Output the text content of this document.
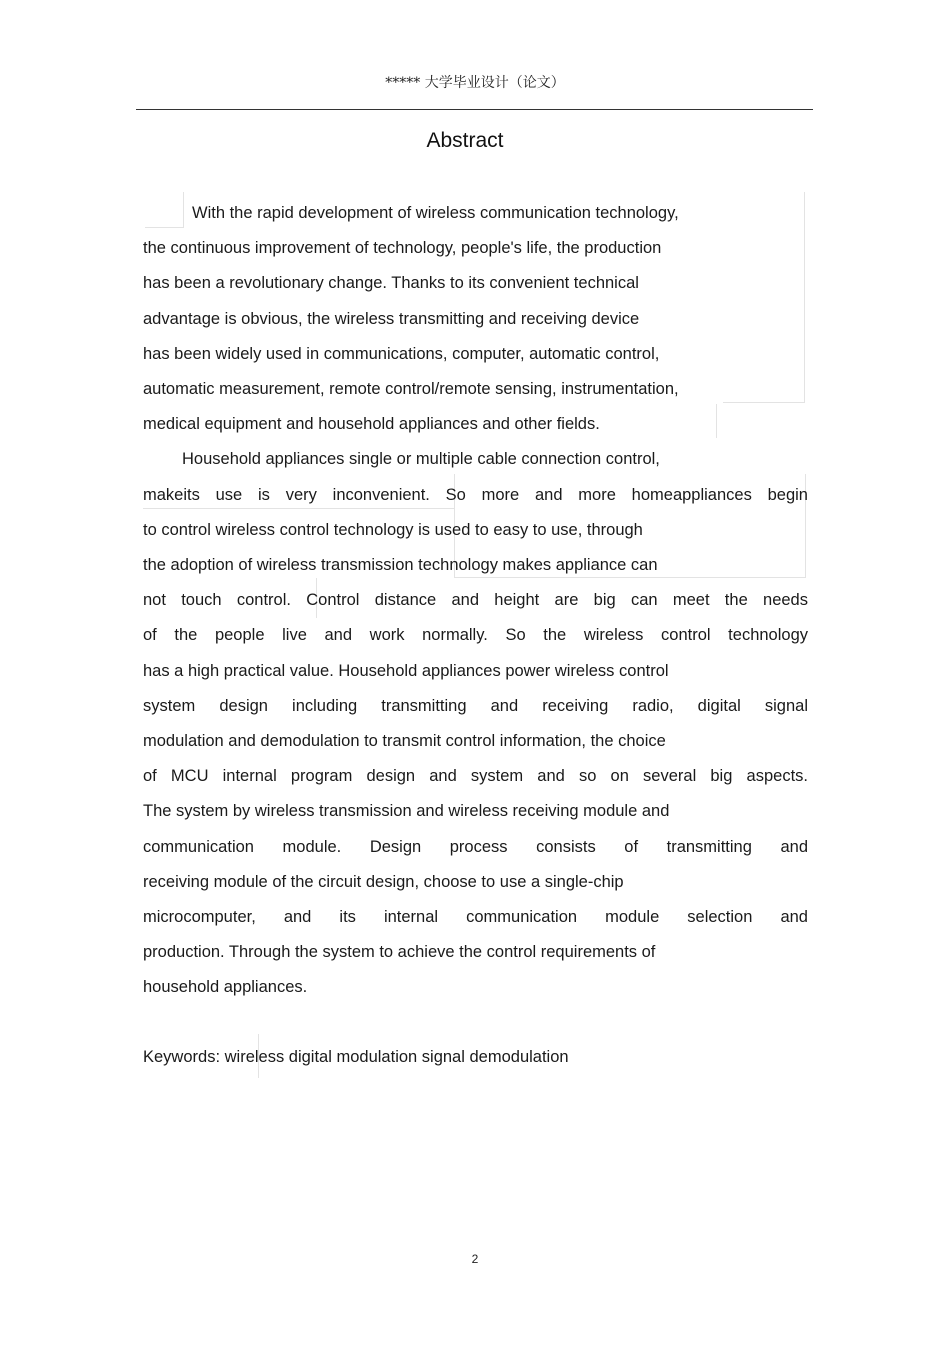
***** 大学毕业设计（论文）
Abstract
With the rapid development of wireless communication technology,
the continuous improvement of technology, people's life, the production
has been a revolutionary change. Thanks to its convenient technical
advantage is obvious, the wireless transmitting and receiving device
has been widely used in communications, computer, automatic control,
automatic measurement, remote control/remote sensing, instrumentation,
medical equipment and household appliances and other fields.
Household appliances single or multiple cable connection control,
makeits use is very inconvenient. So more and more homeappliances begin
to control wireless control technology is used to easy to use, through
the adoption of wireless transmission technology makes appliance can
not touch control. Control distance and height are big can meet the needs
of the people live and work normally. So the wireless control technology
has a high practical value. Household appliances power wireless control
system design including transmitting and receiving radio, digital signal
modulation and demodulation to transmit control information, the choice
of MCU internal program design and system and so on several big aspects.
The system by wireless transmission and wireless receiving module and
communication module. Design process consists of transmitting and
receiving module of the circuit design, choose to use a single-chip
microcomputer, and its internal communication module selection and
production. Through the system to achieve the control requirements of
household appliances.
Keywords: wireless digital modulation signal demodulation
2
